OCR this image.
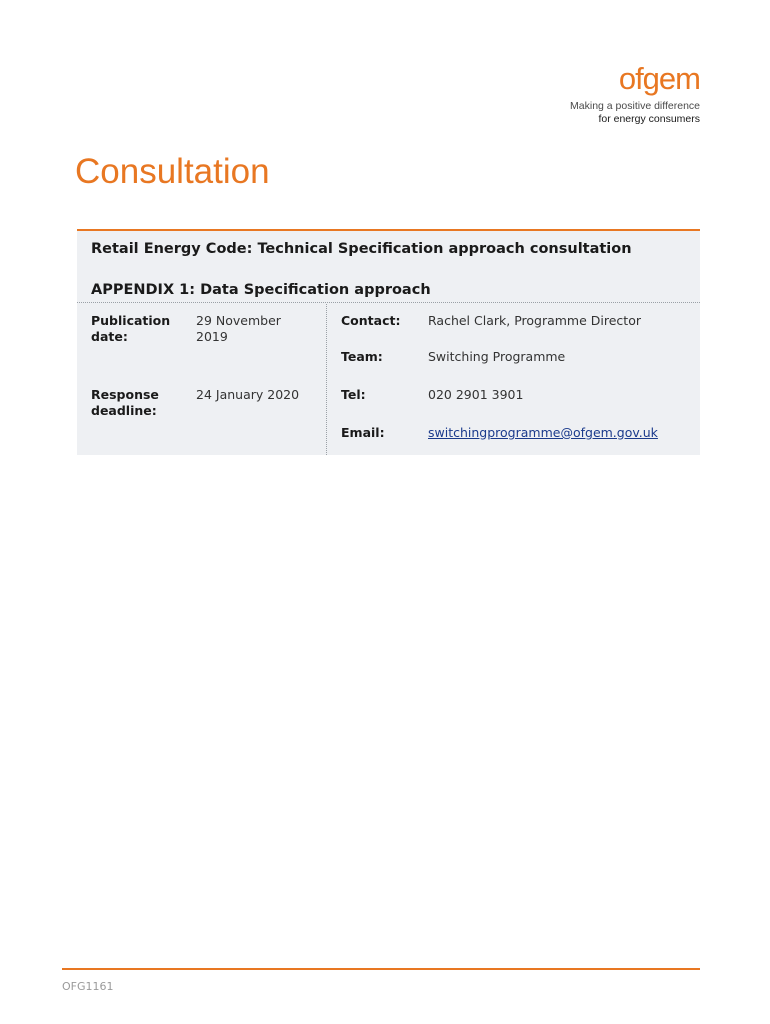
ofgem
Making a positive difference
for energy consumers
Consultation
Retail Energy Code: Technical Specification approach consultation
APPENDIX 1: Data Specification approach
Publication date:
29 November 2019
Response deadline:
24 January 2020
Contact: Rachel Clark, Programme Director
Team:	Switching Programme
Tel:	020 2901 3901
Email:	switchingprogramme@ofgem.gov.uk
OFG1161
